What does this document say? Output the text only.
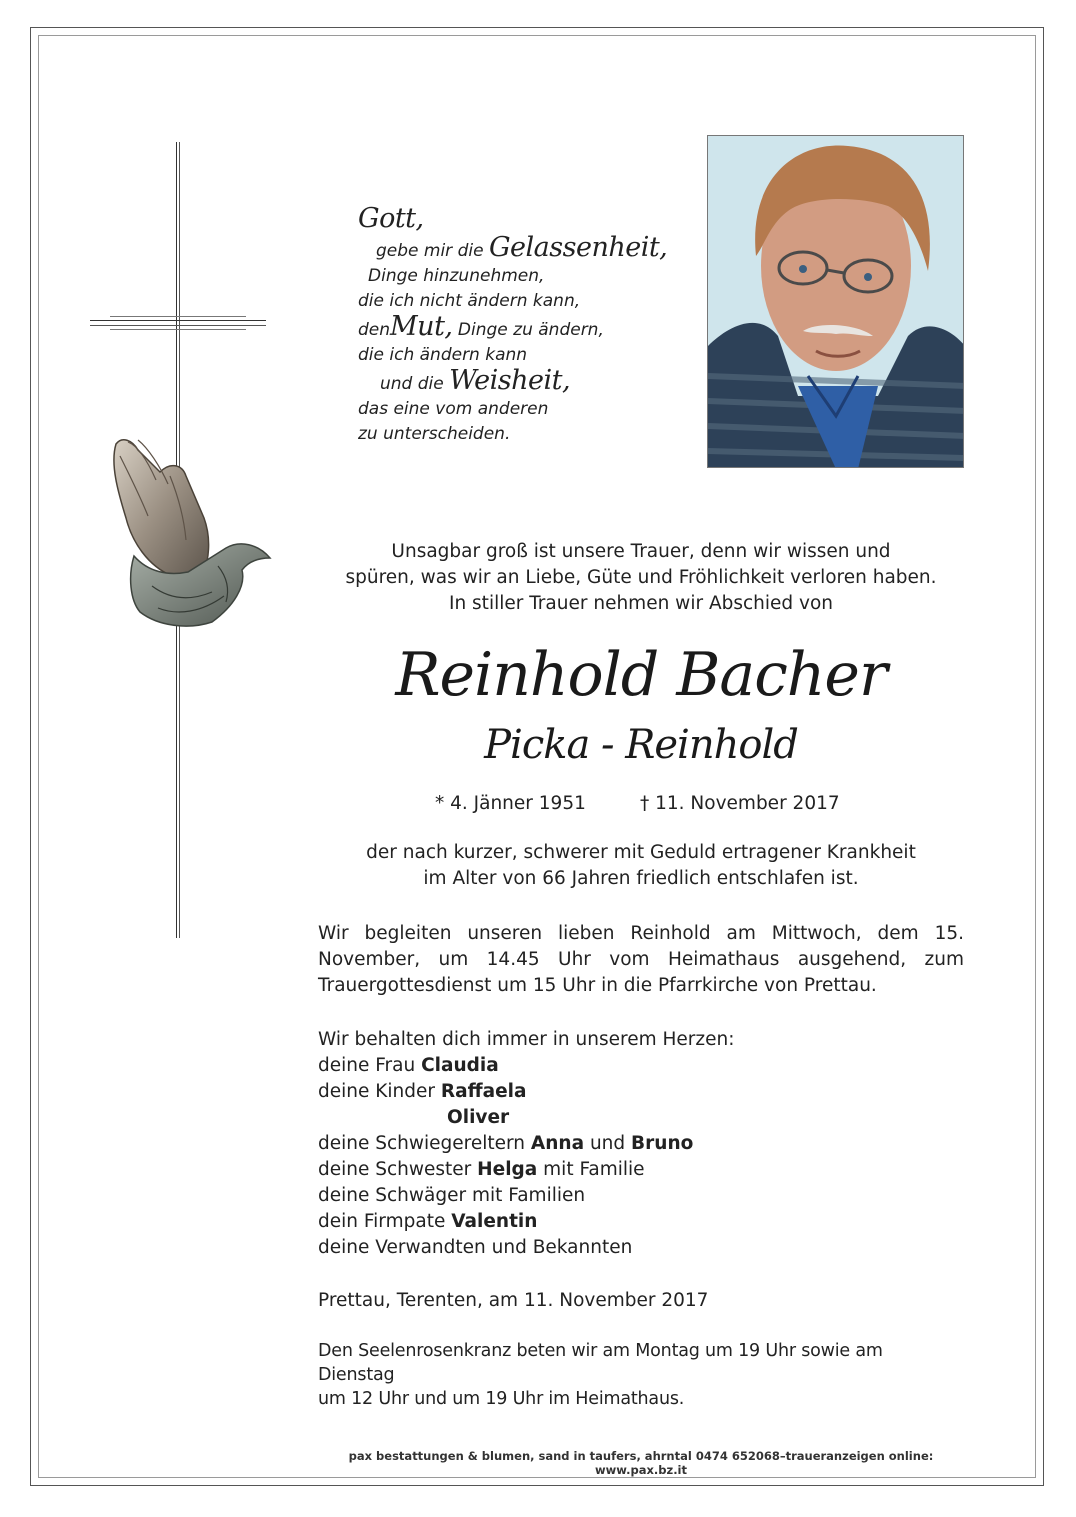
Gott,
gebe mir die Gelassenheit,
Dinge hinzunehmen,
die ich nicht ändern kann,
denMut, Dinge zu ändern,
die ich ändern kann
und die Weisheit,
das eine vom anderen
zu unterscheiden.
Unsagbar groß ist unsere Trauer, denn wir wissen und
spüren, was wir an Liebe, Güte und Fröhlichkeit verloren haben.
In stiller Trauer nehmen wir Abschied von
Reinhold Bacher
Picka - Reinhold
* 4. Jänner 1951	† 11. November 2017
der nach kurzer, schwerer mit Geduld ertragener Krankheit
im Alter von 66 Jahren friedlich entschlafen ist.
Wir begleiten unseren lieben Reinhold am Mittwoch, dem 15. November, um 14.45 Uhr vom Heimathaus ausgehend, zum Trauergottesdienst um 15 Uhr in die Pfarrkirche von Prettau.
Wir behalten dich immer in unserem Herzen:
deine Frau Claudia
deine Kinder Raffaela
Oliver
deine Schwiegereltern Anna und Bruno
deine Schwester Helga mit Familie
deine Schwäger mit Familien
dein Firmpate Valentin
deine Verwandten und Bekannten
Prettau, Terenten, am 11. November 2017
Den Seelenrosenkranz beten wir am Montag um 19 Uhr sowie am Dienstag
um 12 Uhr und um 19 Uhr im Heimathaus.
pax bestattungen & blumen, sand in taufers, ahrntal 0474 652068–traueranzeigen online: www.pax.bz.it
